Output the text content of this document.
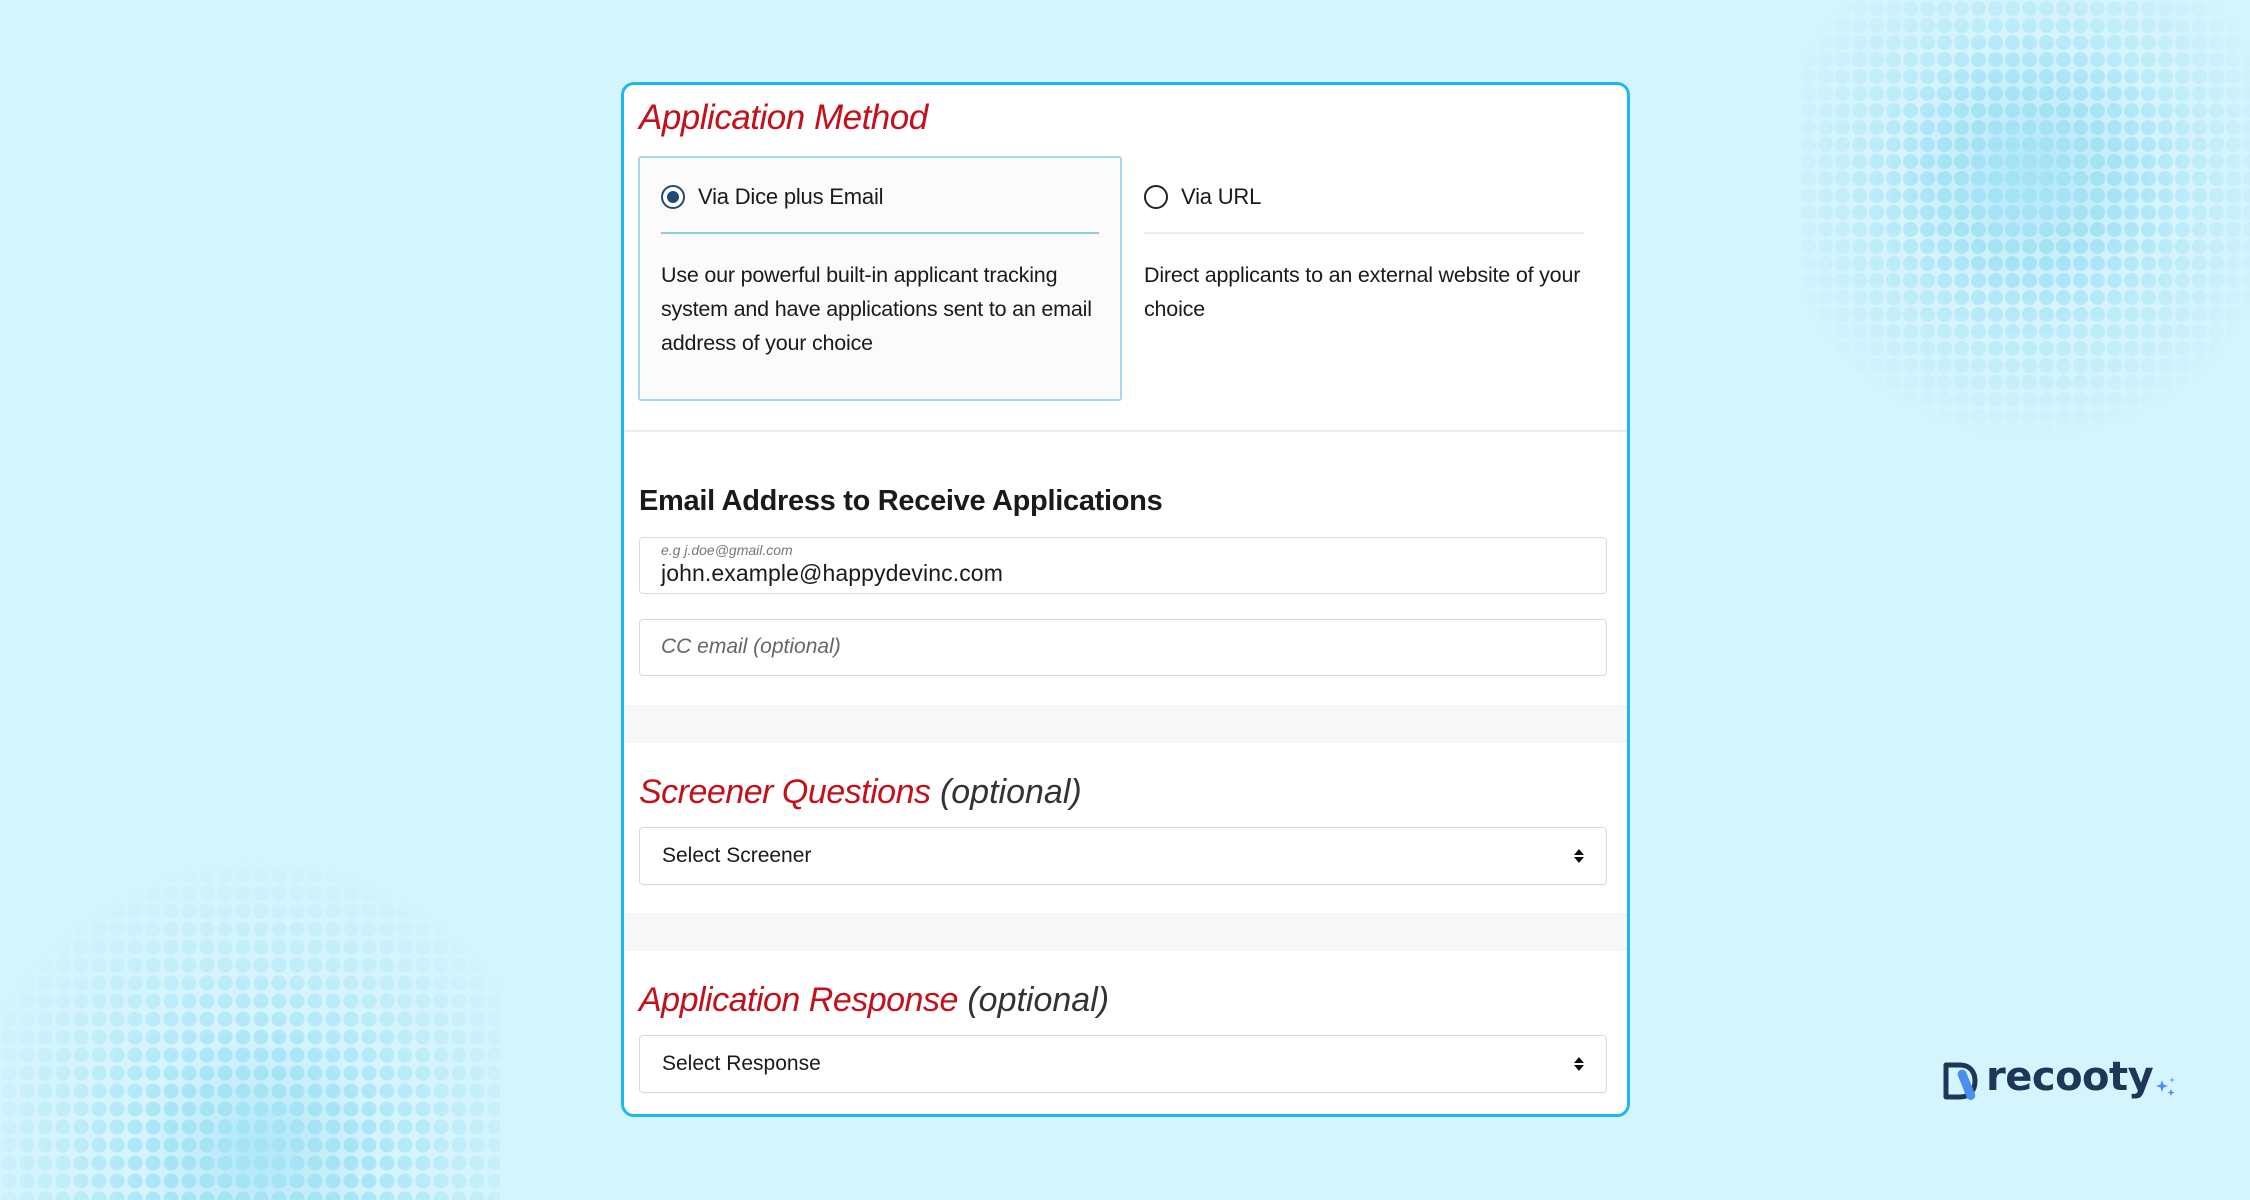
Application Method
Via Dice plus Email

Use our powerful built-in applicant tracking system and have applications sent to an email address of your choice

Via URL

Direct applicants to an external website of your choice

Email Address to Receive Applications
e.g j.doe@gmail.com
john.example@happydevinc.com
CC email (optional)
Screener Questions (optional)
Select Screener
Application Response (optional)
Select Response	recooty
